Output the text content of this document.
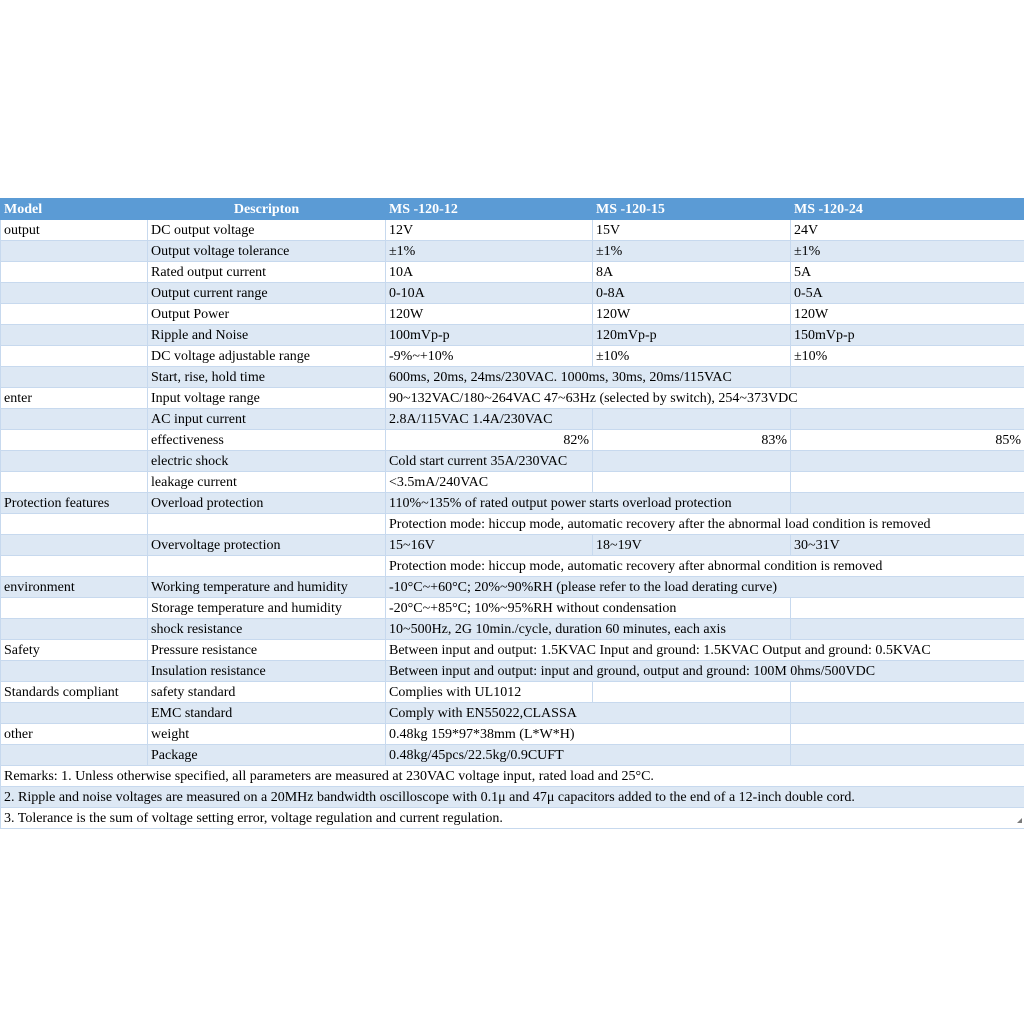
Model	Descripton	MS -120-12	MS -120-15	MS -120-24
output	DC output voltage	12V	15V	24V
	Output voltage tolerance	±1%	±1%	±1%
	Rated output current	10A	8A	5A
	Output current range	0-10A	0-8A	0-5A
	Output Power	120W	120W	120W
	Ripple and Noise	100mVp-p	120mVp-p	150mVp-p
	DC voltage adjustable range	-9%~+10%	±10%	±10%
	Start, rise, hold time	600ms, 20ms, 24ms/230VAC. 1000ms, 30ms, 20ms/115VAC		
enter	Input voltage range	90~132VAC/180~264VAC 47~63Hz (selected by switch), 254~373VDC		
	AC input current	2.8A/115VAC 1.4A/230VAC		
	effectiveness	82%	83%	85%
	electric shock	Cold start current 35A/230VAC		
	leakage current	<3.5mA/240VAC		
Protection features	Overload protection	110%~135% of rated output power starts overload protection		
		Protection mode: hiccup mode, automatic recovery after the abnormal load condition is removed		
	Overvoltage protection	15~16V	18~19V	30~31V
		Protection mode: hiccup mode, automatic recovery after abnormal condition is removed		
environment	Working temperature and humidity	-10°C~+60°C; 20%~90%RH (please refer to the load derating curve)		
	Storage temperature and humidity	-20°C~+85°C; 10%~95%RH without condensation		
	shock resistance	10~500Hz, 2G 10min./cycle, duration 60 minutes, each axis		
Safety	Pressure resistance	Between input and output: 1.5KVAC Input and ground: 1.5KVAC Output and ground: 0.5KVAC		
	Insulation resistance	Between input and output: input and ground, output and ground: 100M 0hms/500VDC		
Standards compliant	safety standard	Complies with UL1012		
	EMC standard	Comply with EN55022,CLASSA		
other	weight	0.48kg 159*97*38mm (L*W*H)		
	Package	0.48kg/45pcs/22.5kg/0.9CUFT		
Remarks: 1. Unless otherwise specified, all parameters are measured at 230VAC voltage input, rated load and 25°C.				
2. Ripple and noise voltages are measured on a 20MHz bandwidth oscilloscope with 0.1μ and 47μ capacitors added to the end of a 12-inch double cord.				
3. Tolerance is the sum of voltage setting error, voltage regulation and current regulation.				
